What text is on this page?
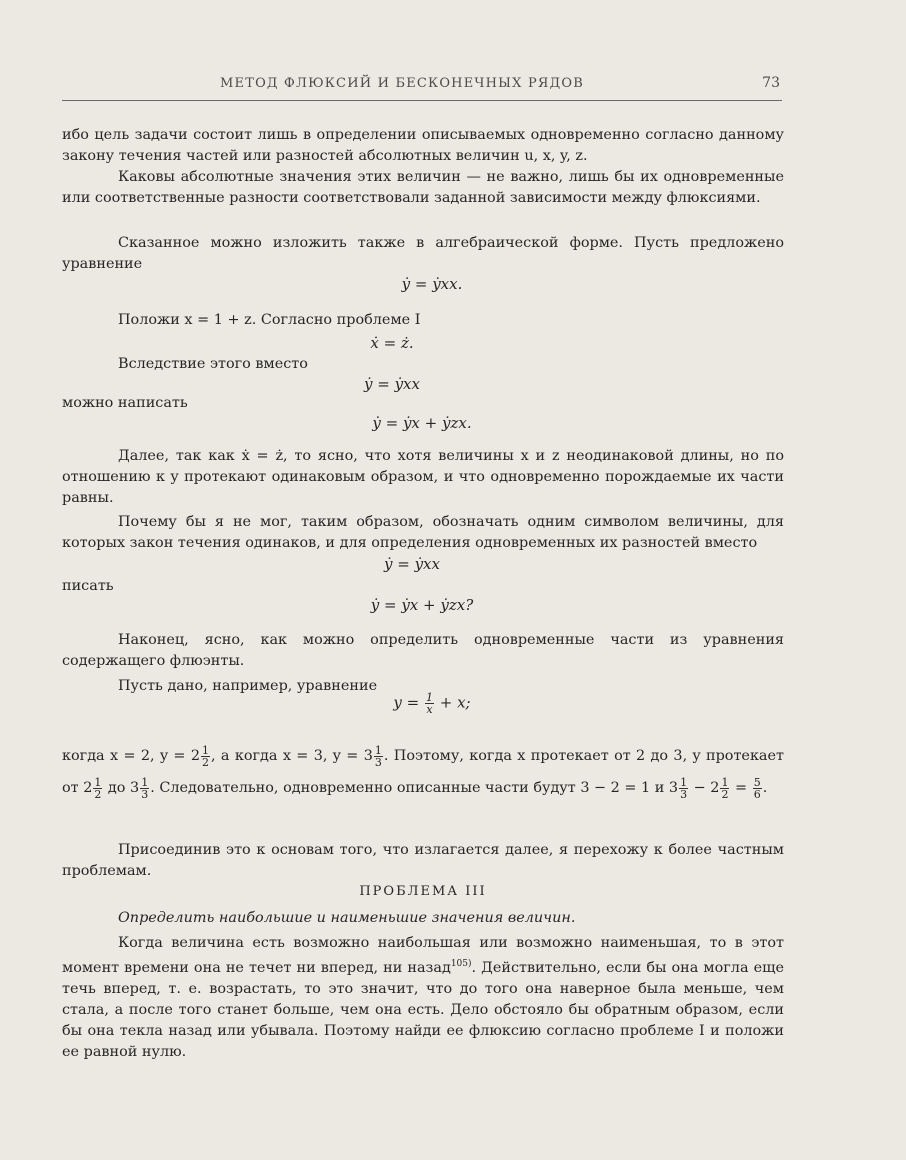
МЕТОД ФЛЮКСИЙ И БЕСКОНЕЧНЫХ РЯДОВ	73
ибо цель задачи состоит лишь в определении описываемых одновременно согласно данному закону течения частей или разностей абсолютных величин u, x, y, z.
Каковы абсолютные значения этих величин — не важно, лишь бы их одновременные или соответственные разности соответствовали заданной зависимости между флюксиями.
Сказанное можно изложить также в алгебраической форме. Пусть предложено уравнение
ẏ = ẏxx.
Положи x = 1 + z. Согласно проблеме I
ẋ = ż.
Вследствие этого вместо
ẏ = ẏxx
можно написать
ẏ = ẏx + ẏzx.
Далее, так как ẋ = ż, то ясно, что хотя величины x и z неодинаковой длины, но по отношению к y протекают одинаковым образом, и что одновременно порождаемые их части равны.
Почему бы я не мог, таким образом, обозначать одним символом величины, для которых закон течения одинаков, и для определения одновременных их разностей вместо
ẏ = ẏxx
писать
ẏ = ẏx + ẏzx?
Наконец, ясно, как можно определить одновременные части из уравнения содержащего флюэнты.
Пусть дано, например, уравнение
$y = \frac{1}{x} + x$;
когда x = 2, $y = 2 \frac{1}{2}$ , а когда x = 3, $y = 3 \frac{1}{3}$ . Поэтому, когда x протекает от 2 до 3, y протекает от $2 \frac{1}{2}$ до $3 \frac{1}{3}$ . Следовательно, одновременно описанные части будут 3 − 2 = 1 и $3 \frac{1}{3} - 2 \frac{1}{2} = \frac{5}{6}$ .
Присоединив это к основам того, что излагается далее, я перехожу к более частным проблемам.
ПРОБЛЕМА III
Определить наибольшие и наименьшие значения величин.
Когда величина есть возможно наибольшая или возможно наименьшая, то в этот момент времени она не течет ни вперед, ни назад$^{105)}$. Действительно, если бы она могла еще течь вперед, т. е. возрастать, то это значит, что до того она наверное была меньше, чем стала, а после того станет больше, чем она есть. Дело обстояло бы обратным образом, если бы она текла назад или убывала. Поэтому найди ее флюксию согласно проблеме I и положи ее равной нулю.
